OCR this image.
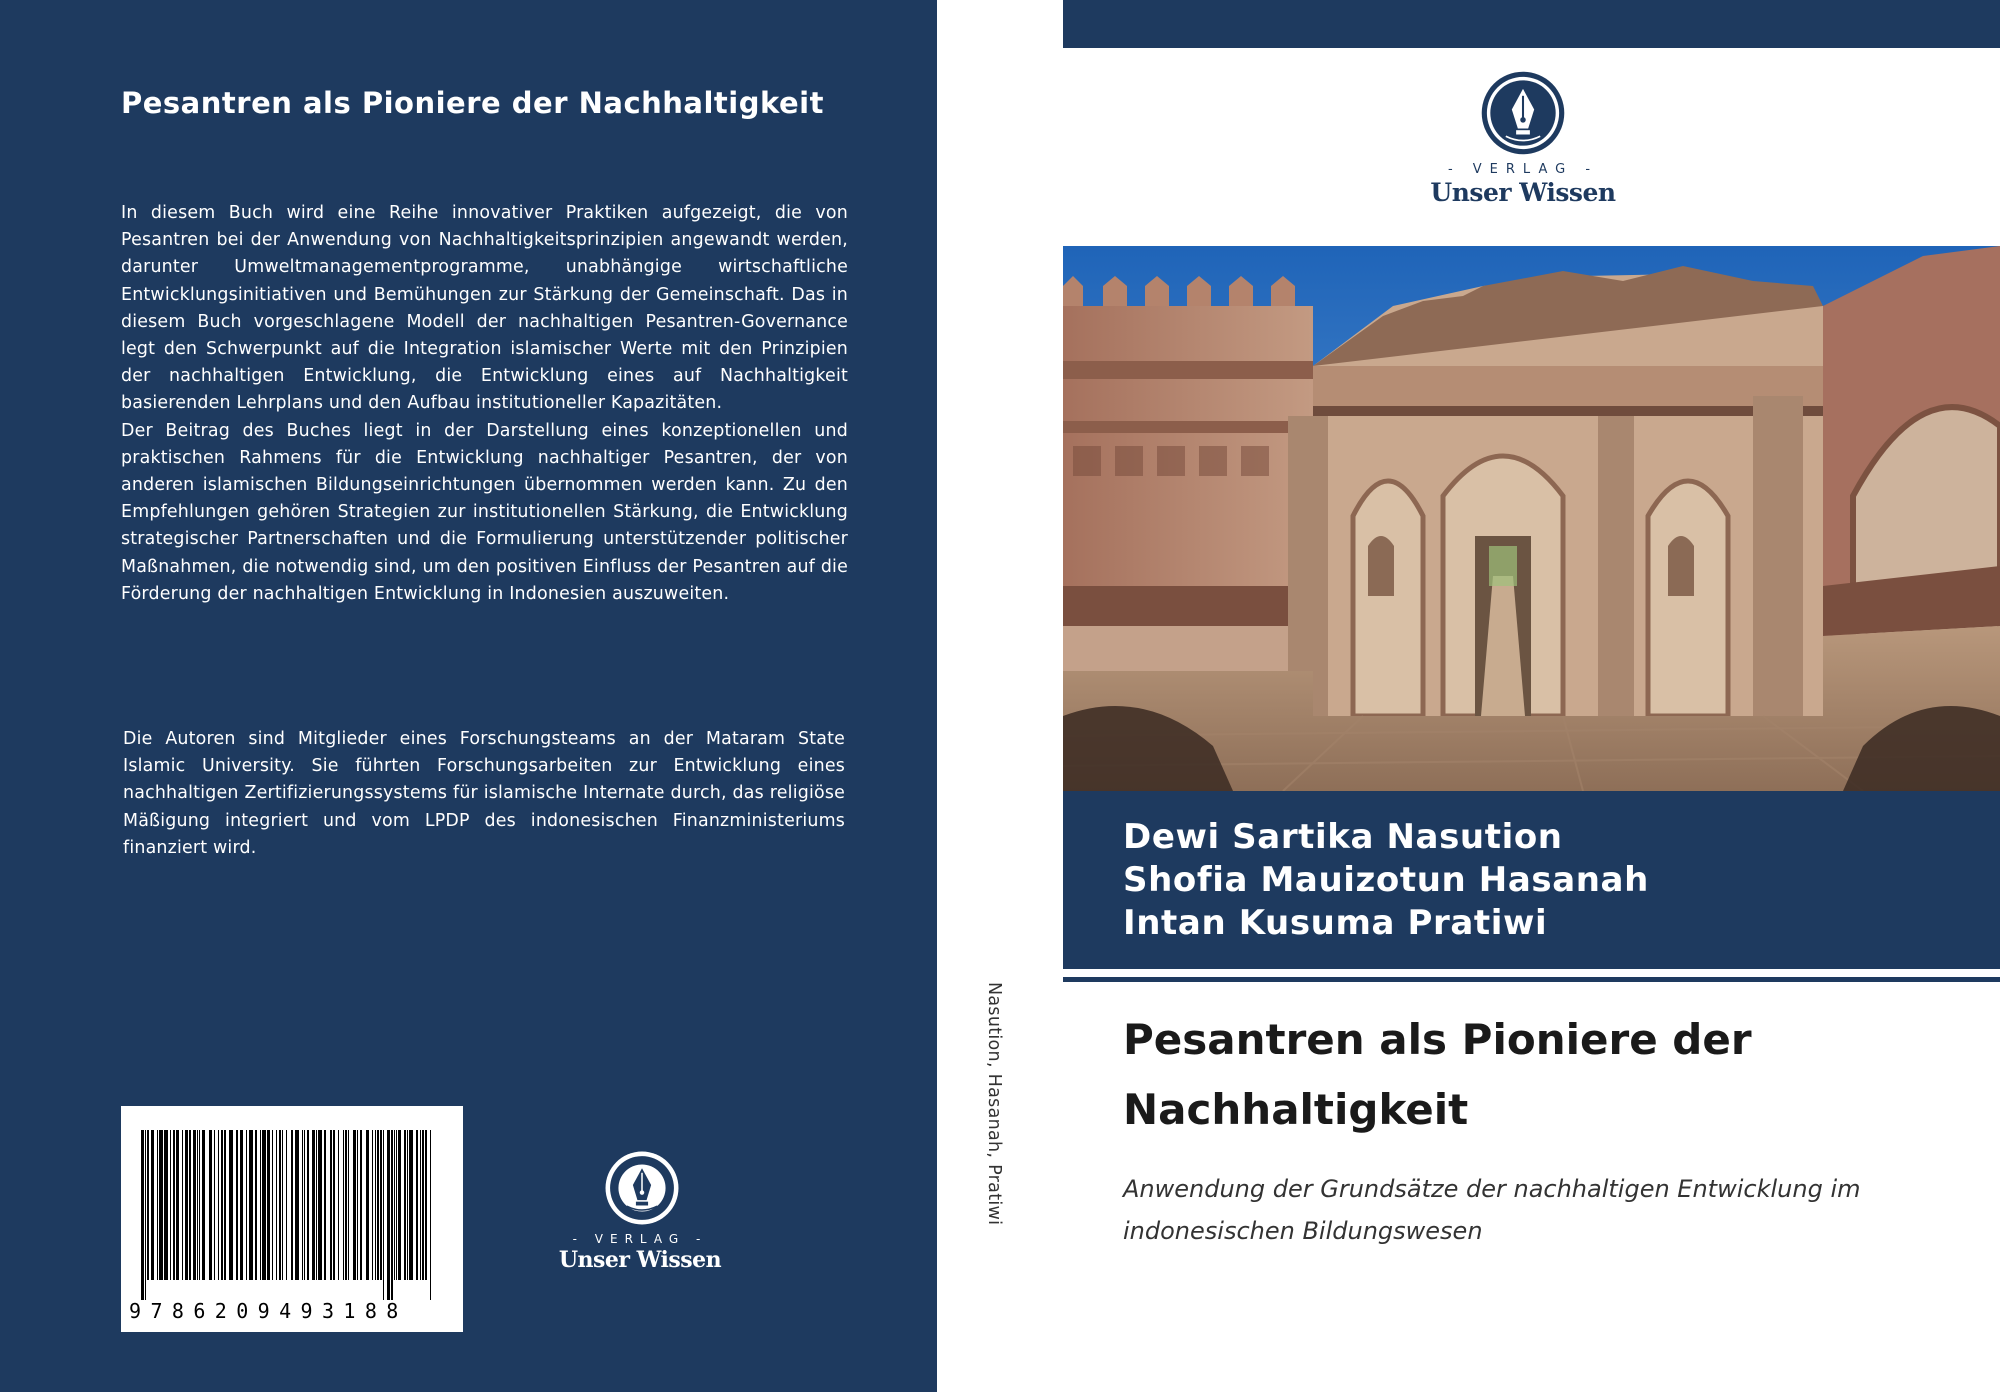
Pesantren als Pioniere der Nachhaltigkeit

In diesem Buch wird eine Reihe innovativer Praktiken aufgezeigt, die von Pesantren bei der Anwendung von Nachhaltigkeitsprinzipien angewandt werden, darunter Umweltmanagementprogramme, unabhängige wirtschaftliche Entwicklungsinitiativen und Bemühungen zur Stärkung der Gemeinschaft. Das in diesem Buch vorgeschlagene Modell der nachhaltigen Pesantren-Governance legt den Schwerpunkt auf die Integration islamischer Werte mit den Prinzipien der nachhaltigen Entwicklung, die Entwicklung eines auf Nachhaltigkeit basierenden Lehrplans und den Aufbau institutioneller Kapazitäten.

Der Beitrag des Buches liegt in der Darstellung eines konzeptionellen und praktischen Rahmens für die Entwicklung nachhaltiger Pesantren, der von anderen islamischen Bildungseinrichtungen übernommen werden kann. Zu den Empfehlungen gehören Strategien zur institutionellen Stärkung, die Entwicklung strategischer Partnerschaften und die Formulierung unterstützender politischer Maßnahmen, die notwendig sind, um den positiven Einfluss der Pesantren auf die Förderung der nachhaltigen Entwicklung in Indonesien auszuweiten.

Die Autoren sind Mitglieder eines Forschungsteams an der Mataram State Islamic University. Sie führten Forschungsarbeiten zur Entwicklung eines nachhaltigen Zertifizierungssystems für islamische Internate durch, das religiöse Mäßigung integriert und vom LPDP des indonesischen Finanzministeriums finanziert wird.

9786209493188
- VERLAG -
Unser Wissen
Nasution, Hasanah, Pratiwi
- VERLAG -
Unser Wissen
Dewi Sartika Nasution
Shofia Mauizotun Hasanah
Intan Kusuma Pratiwi
Pesantren als Pioniere der Nachhaltigkeit
Anwendung der Grundsätze der nachhaltigen Entwicklung im indonesischen Bildungswesen
